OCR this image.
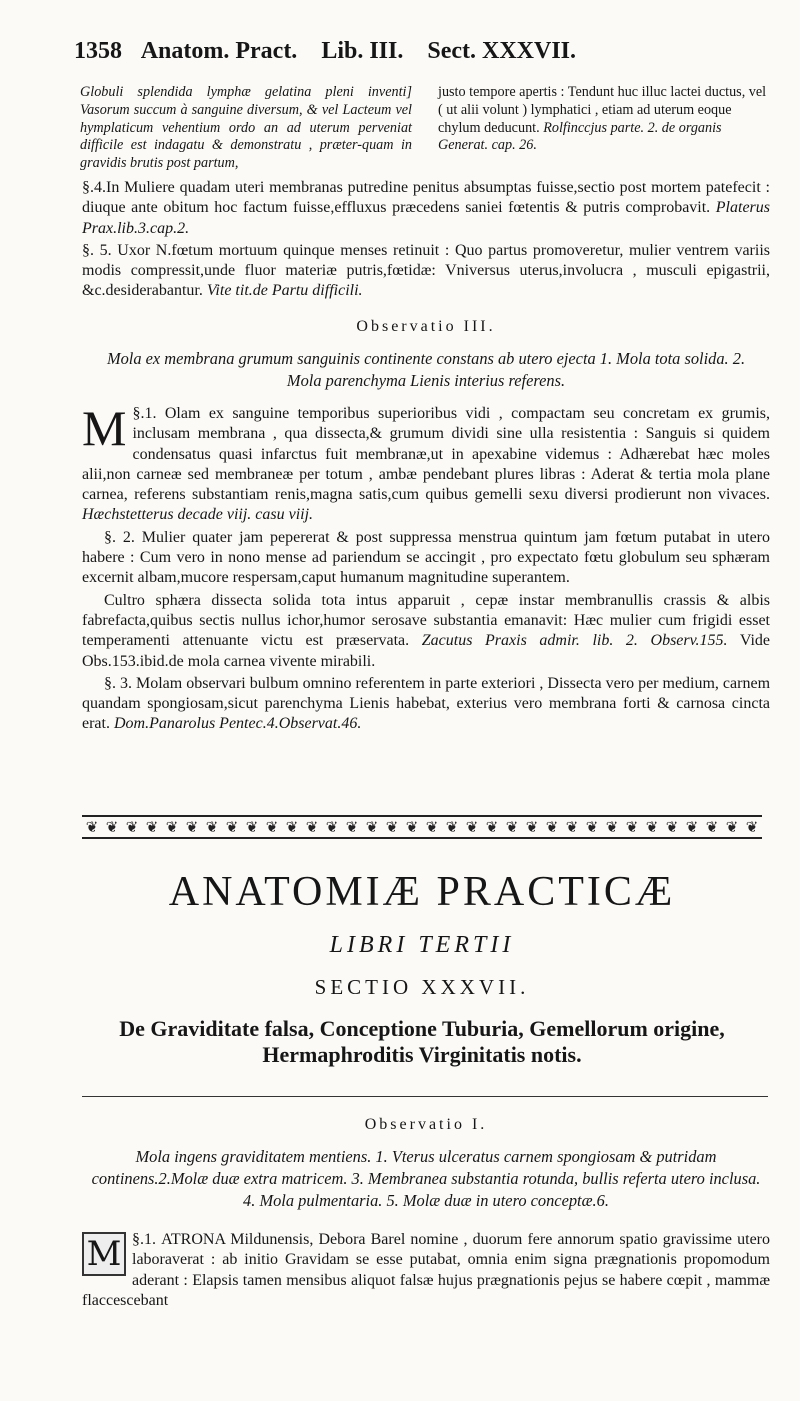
1358 Anatom. Pract. Lib. III. Sect. XXXVII.

Globuli splendida lymphæ gelatina pleni inventi] Vasorum succum à sanguine diversum, & vel Lacteum vel hymplaticum vehentium ordo an ad uterum perveniat difficile est indagatu & demonstratu , præter-quam in gravidis brutis post partum,

justo tempore apertis : Tendunt huc illuc lactei ductus, vel ( ut alii volunt ) lymphatici , etiam ad uterum eoque chylum deducunt. Rolfinccjus parte. 2. de organis Generat. cap. 26.

§.4.In Muliere quadam uteri membranas putredine penitus absumptas fuisse,sectio post mortem patefecit : diuque ante obitum hoc factum fuisse,effluxus præcedens saniei fœtentis & putris comprobavit. Platerus Prax.lib.3.cap.2.

§. 5. Uxor N.fœtum mortuum quinque menses retinuit : Quo partus promoveretur, mulier ventrem variis modis compressit,unde fluor materiæ putris,fœtidæ: Vniversus uterus,involucra , musculi epigastrii, &c.desiderabantur. Vite tit.de Partu difficili.

Observatio III.
Mola ex membrana grumum sanguinis continente constans ab utero ejecta 1. Mola tota solida. 2. Mola parenchyma Lienis interius referens.

§.1.
M Olam ex sanguine temporibus superioribus vidi , compactam seu concretam ex grumis, inclusam membrana , qua dissecta,& grumum dividi sine ulla resistentia : Sanguis si quidem condensatus quasi infarctus fuit membranæ,ut in apexabine videmus : Adhærebat hæc moles alii,non carneæ sed membraneæ per totum , ambæ pendebant plures libras : Aderat & tertia mola plane carnea, referens substantiam renis,magna satis,cum quibus gemelli sexu diversi prodierunt non vivaces. Hæchstetterus decade viij. casu viij.

§. 2. Mulier quater jam pepererat & post suppressa menstrua quintum jam fœtum putabat in utero habere : Cum vero in nono mense ad pariendum se accingit , pro expectato fœtu globulum seu sphæram excernit albam,mucore respersam,caput humanum magnitudine superantem.

Cultro sphæra dissecta solida tota intus apparuit , cepæ instar membranullis crassis & albis fabrefacta,quibus sectis nullus ichor,humor serosave substantia emanavit: Hæc mulier cum frigidi esset temperamenti attenuante victu est præservata. Zacutus Praxis admir. lib. 2. Observ.155. Vide Obs.153.ibid.de mola carnea vivente mirabili.

§. 3. Molam observari bulbum omnino referentem in parte exteriori , Dissecta vero per medium, carnem quandam spongiosam,sicut parenchyma Lienis habebat, exterius vero membrana forti & carnosa cincta erat. Dom.Panarolus Pentec.4.Observat.46.

❦ ❦ ❦ ❦ ❦ ❦ ❦ ❦ ❦ ❦ ❦ ❦ ❦ ❦ ❦ ❦ ❦ ❦ ❦ ❦ ❦ ❦ ❦ ❦ ❦ ❦ ❦ ❦ ❦ ❦ ❦ ❦ ❦ ❦
ANATOMIÆ PRACTICÆ
LIBRI TERTII
SECTIO XXXVII.
De Graviditate falsa, Conceptione Tuburia, Gemellorum origine, Hermaphroditis Virginitatis notis.
Observatio I.
Mola ingens graviditatem mentiens. 1. Vterus ulceratus carnem spongiosam & putridam continens.2.Molæ duæ extra matricem. 3. Membranea substantia rotunda, bullis referta utero inclusa. 4. Mola pulmentaria. 5. Molæ duæ in utero conceptæ.6.

§.1.
M ATRONA Mildunensis, Debora Barel nomine , duorum fere annorum spatio gravissime utero laboraverat : ab initio Gravidam se esse putabat, omnia enim signa prægnationis propomodum aderant : Elapsis tamen mensibus aliquot falsæ hujus prægnationis pejus se habere cœpit , mammæ flaccescebant
